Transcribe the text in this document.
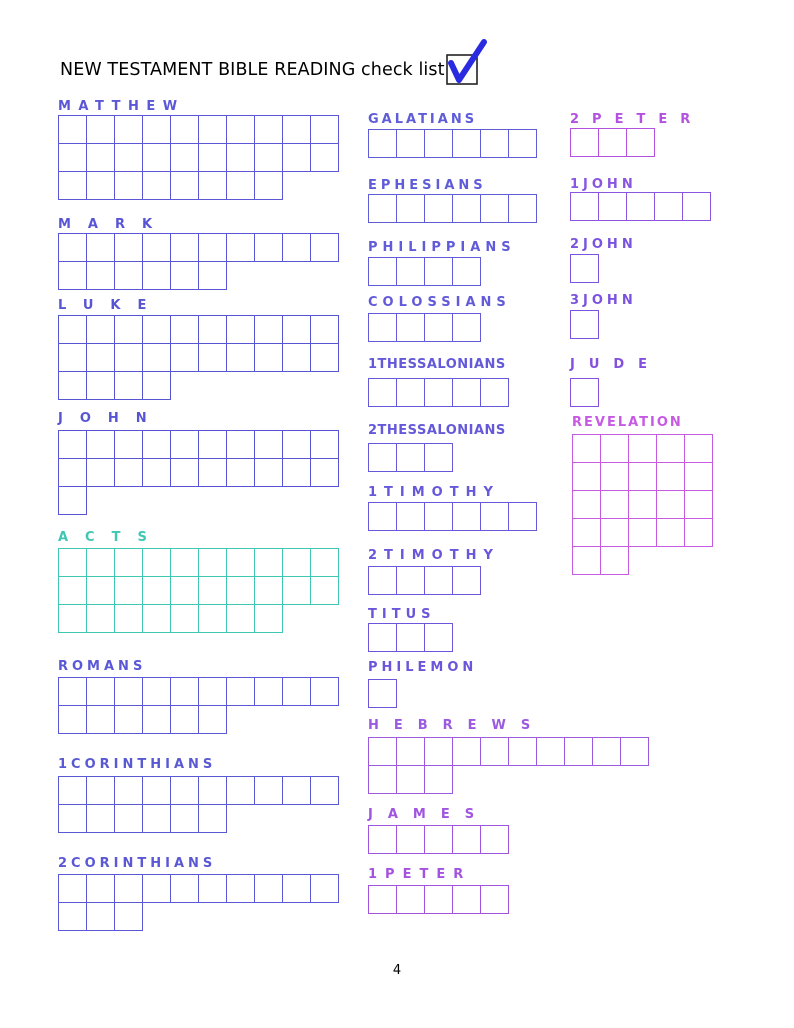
NEW TESTAMENT BIBLE READING check list
MATTHEW
MARK
LUKE
JOHN
ACTS
ROMANS
1CORINTHIANS
2CORINTHIANS
GALATIANS
EPHESIANS
PHILIPPIANS
COLOSSIANS
1THESSALONIANS
2THESSALONIANS
1TIMOTHY
2TIMOTHY
TITUS
PHILEMON
HEBREWS
JAMES
1PETER
2PETER
1JOHN
2JOHN
3JOHN
JUDE
REVELATION
4
